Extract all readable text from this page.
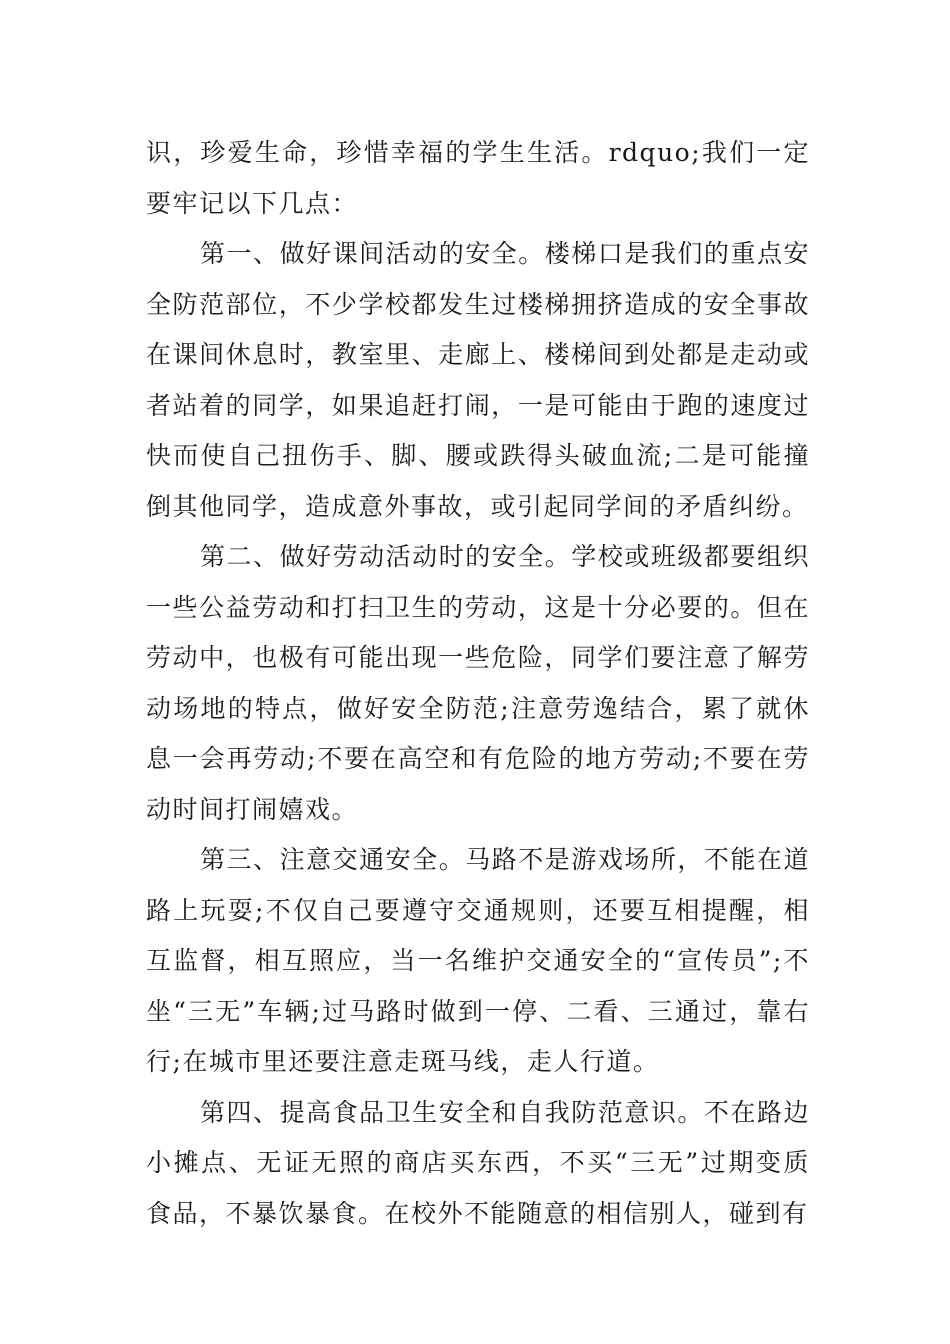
识，珍爱生命，珍惜幸福的学生生活。rdquo;我们一定要牢记以下几点：

第一、做好课间活动的安全。楼梯口是我们的重点安全防范部位，不少学校都发生过楼梯拥挤造成的安全事故在课间休息时，教室里、走廊上、楼梯间到处都是走动或者站着的同学，如果追赶打闹，一是可能由于跑的速度过快而使自己扭伤手、脚、腰或跌得头破血流;二是可能撞倒其他同学，造成意外事故，或引起同学间的矛盾纠纷。

第二、做好劳动活动时的安全。学校或班级都要组织一些公益劳动和打扫卫生的劳动，这是十分必要的。但在劳动中，也极有可能出现一些危险，同学们要注意了解劳动场地的特点，做好安全防范;注意劳逸结合，累了就休息一会再劳动;不要在高空和有危险的地方劳动;不要在劳动时间打闹嬉戏。

第三、注意交通安全。马路不是游戏场所，不能在道路上玩耍;不仅自己要遵守交通规则，还要互相提醒，相互监督，相互照应，当一名维护交通安全的“宣传员”;不坐“三无”车辆;过马路时做到一停、二看、三通过，靠右行;在城市里还要注意走斑马线，走人行道。

第四、提高食品卫生安全和自我防范意识。不在路边小摊点、无证无照的商店买东西，不买“三无”过期变质食品，不暴饮暴食。在校外不能随意的相信别人，碰到有
